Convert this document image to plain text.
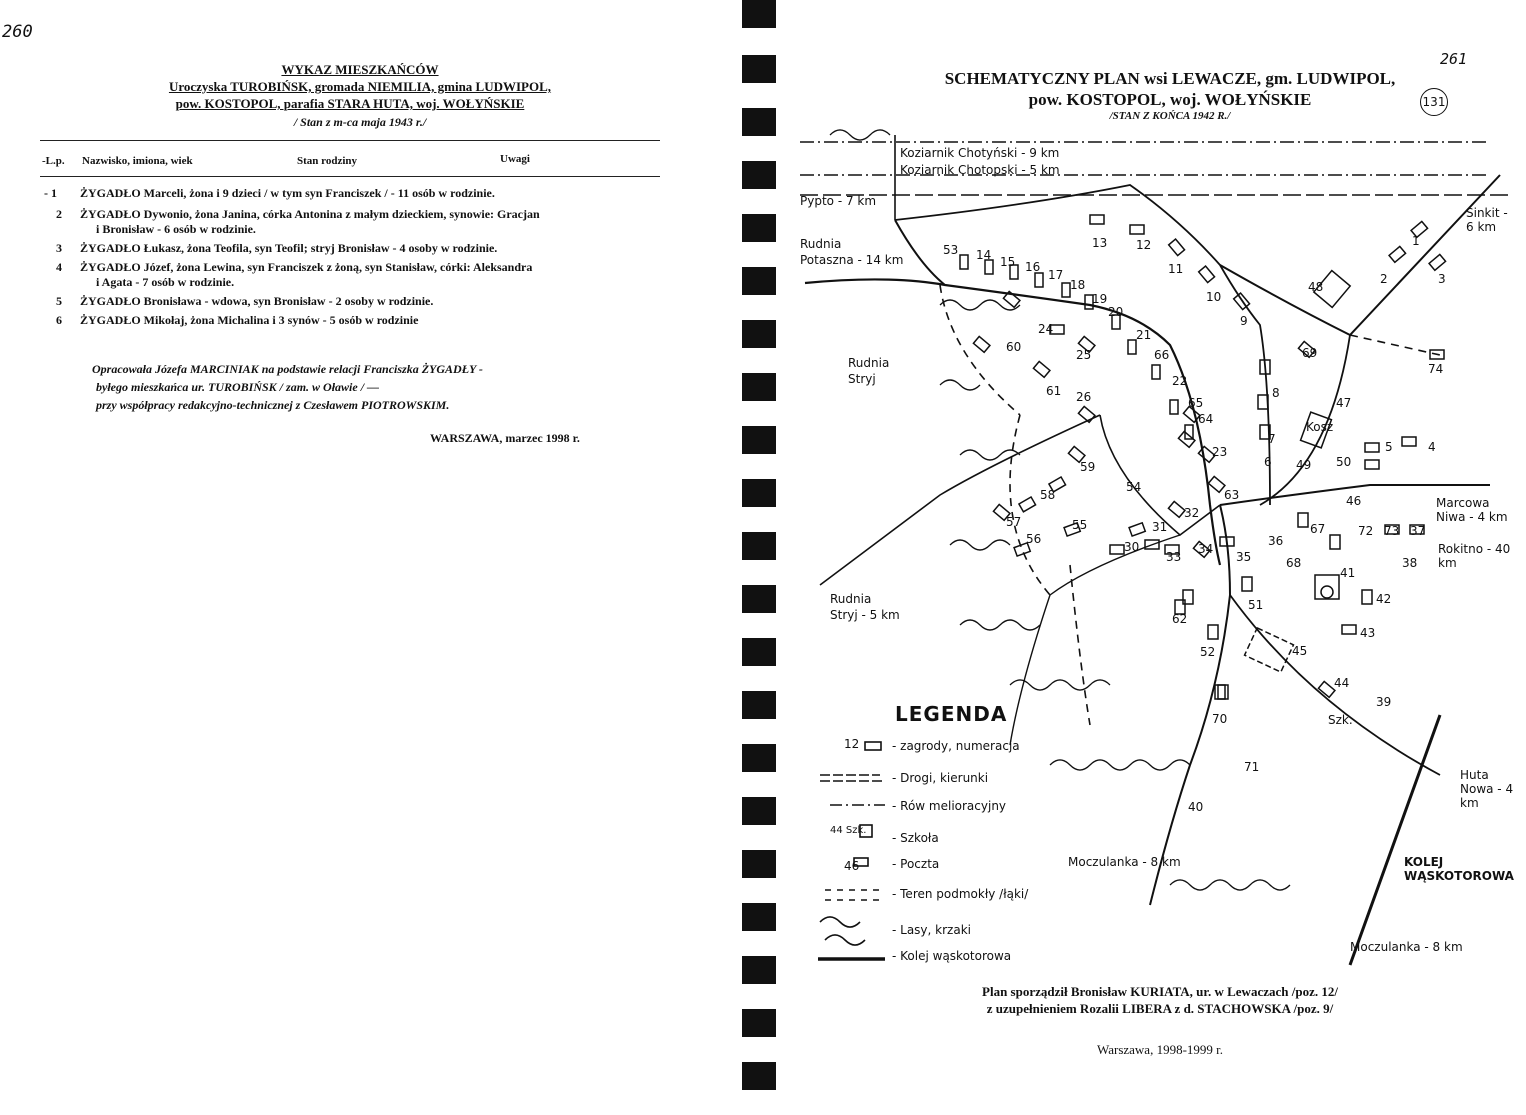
260
WYKAZ MIESZKAŃCÓW
Uroczyska TUROBIŃSK, gromada NIEMILIA, gmina LUDWIPOL,
pow. KOSTOPOL, parafia STARA HUTA, woj. WOŁYŃSKIE
/ Stan z m-ca maja 1943 r./
-L.p. Nazwisko, imiona, wiek	Stan rodziny	Uwagi
- 1 ŻYGADŁO Marceli, żona i 9 dzieci / w tym syn Franciszek / - 11 osób w rodzinie.
2 ŻYGADŁO Dywonio, żona Janina, córka Antonina z małym dzieckiem, synowie: Gracjan
i Bronisław - 6 osób w rodzinie.
3 ŻYGADŁO Łukasz, żona Teofila, syn Teofil; stryj Bronisław - 4 osoby w rodzinie.
4 ŻYGADŁO Józef, żona Lewina, syn Franciszek z żoną, syn Stanisław, córki: Aleksandra
i Agata - 7 osób w rodzinie.
5 ŻYGADŁO Bronisława - wdowa, syn Bronisław - 2 osoby w rodzinie.
6 ŻYGADŁO Mikołaj, żona Michalina i 3 synów - 5 osób w rodzinie
Opracowała Józefa MARCINIAK na podstawie relacji Franciszka ŻYGADŁY -
byłego mieszkańca ur. TUROBIŃSK / zam. w Oławie / —
przy współpracy redakcyjno-technicznej z Czesławem PIOTROWSKIM.
WARSZAWA, marzec 1998 r.
261
SCHEMATYCZNY PLAN wsi LEWACZE, gm. LUDWIPOL,
pow. KOSTOPOL, woj. WOŁYŃSKIE
/STAN Z KOŃCA 1942 R./
131
Koziarnik Chotyński - 9 km
Koziarnik Chotopski - 5 km
Pypto - 7 km
Rudnia
Potaszna - 14 km
Rudnia
Stryj
Rudnia
Stryj - 5 km
Sinkit - 6 km
Marcowa Niwa - 4 km
Rokitno - 40 km
Huta Nowa - 4 km
Moczulanka - 8 km
Moczulanka - 8 km
KOLEJ WĄSKOTOROWA
Kosz
Szk.
1
2	3
4
5
6
7
8
9
10
11
12
13
14 15 16
17
18
19
20
21
22
23
24
25
26
30
31
32
33
34
35
36
37
38
39
40
41
42
43
44
45
46
47
48
49 50
51
52
53
54
55
56
57
58
59
60
61
62
63
64
65
66
67
68
69
70
71
72 73
74
LEGENDA
12	- zagrody, numeracja
- Drogi, kierunki
- Rów melioracyjny
44 Szk.
- Szkoła
46	- Poczta
- Teren podmokły /łąki/
- Lasy, krzaki
- Kolej wąskotorowa
Plan sporządził Bronisław KURIATA, ur. w Lewaczach /poz. 12/
z uzupełnieniem Rozalii LIBERA z d. STACHOWSKA /poz. 9/
Warszawa, 1998-1999 r.
